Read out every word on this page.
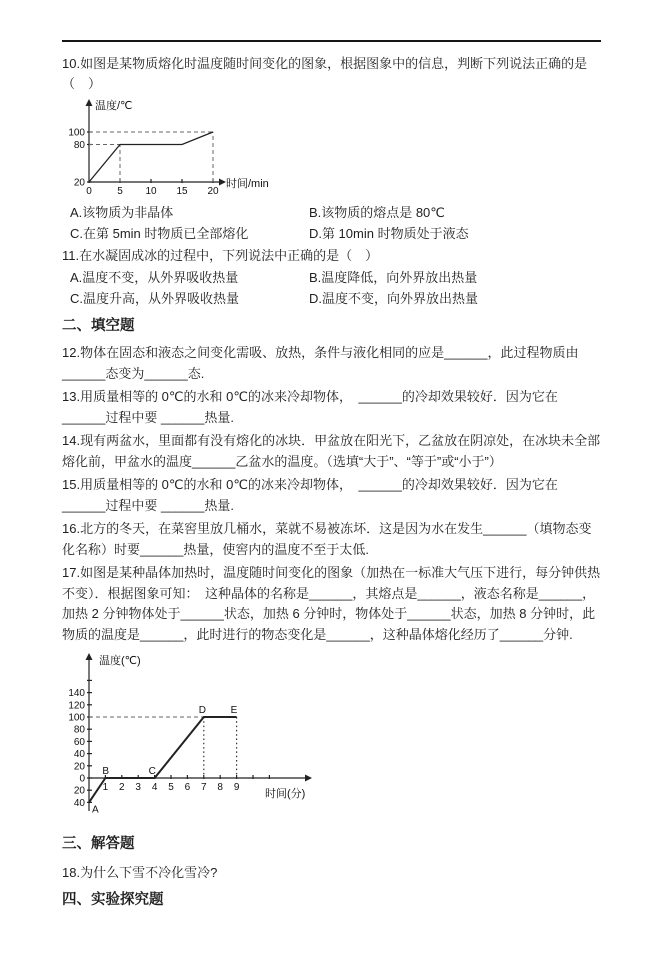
10.如图是某物质熔化时温度随时间变化的图象，根据图象中的信息，判断下列说法正确的是（　）

温度/℃
时间/min
0	5 10 15 20
100
80
20
A.该物质为非晶体	B.该物质的熔点是 80℃
C.在第 5min 时物质已全部熔化	D.第 10min 时物质处于液态

11.在水凝固成冰的过程中，下列说法中正确的是（　）

A.温度不变，从外界吸收热量	B.温度降低，向外界放出热量
C.温度升高，从外界吸收热量	D.温度不变，向外界放出热量
二、填空题

12.物体在固态和液态之间变化需吸、放热，条件与液化相同的应是______，此过程物质由______态变为______态.

13.用质量相等的 0℃的水和 0℃的冰来冷却物体，　______的冷却效果较好．因为它在 ______过程中要 ______热量.

14.现有两盆水，里面都有没有熔化的冰块．甲盆放在阳光下，乙盆放在阴凉处，在冰块未全部熔化前，甲盆水的温度______乙盆水的温度。（选填“大于”、“等于”或“小于”）

15.用质量相等的 0℃的水和 0℃的冰来冷却物体，　______的冷却效果较好．因为它在 ______过程中要 ______热量.

16.北方的冬天，在菜窖里放几桶水，菜就不易被冻坏．这是因为水在发生______（填物态变化名称）时要______热量，使窖内的温度不至于太低.

17.如图是某种晶体加热时，温度随时间变化的图象（加热在一标准大气压下进行，每分钟供热不变）．根据图象可知：　这种晶体的名称是______，其熔点是______，液态名称是______，加热 2 分钟物体处于______状态，加热 6 分钟时，物体处于______状态，加热 8 分钟时，此物质的温度是______，此时进行的物态变化是______，这种晶体熔化经历了______分钟.

温度(℃)
时间(分)
1 2 3 4 5 6 7 8 9
140
120
100
80
60
40
20
0
20
40
A
B	C
D E
三、解答题

18.为什么下雪不冷化雪冷?

四、实验探究题
